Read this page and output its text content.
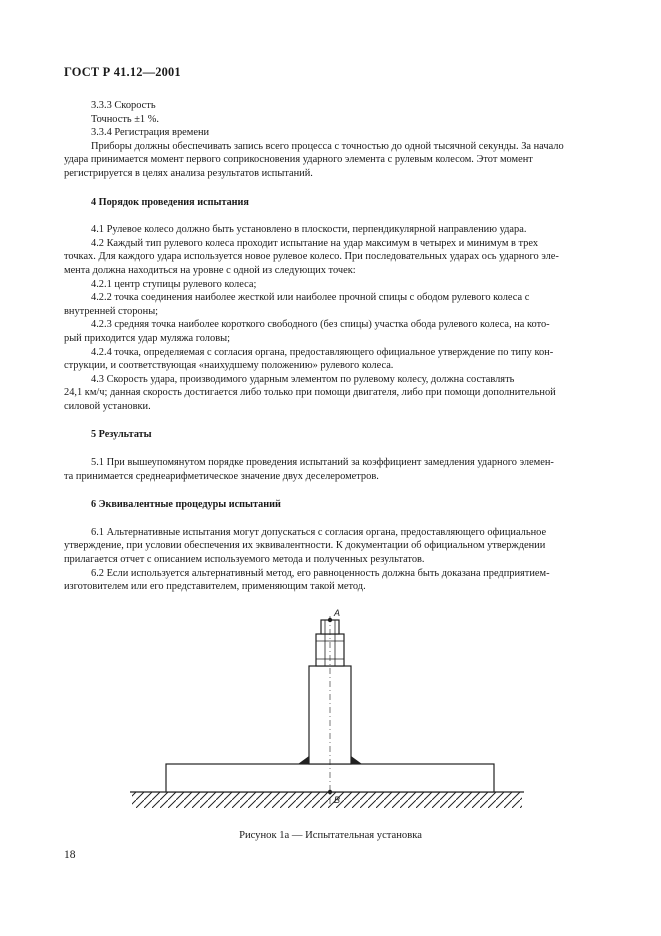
ГОСТ Р 41.12—2001

3.3.3 Скорость

Точность ±1 %.

3.3.4 Регистрация времени

Приборы должны обеспечивать запись всего процесса с точностью до одной тысячной секунды. За начало

удара принимается момент первого соприкосновения ударного элемента с рулевым колесом. Этот момент

регистрируется в целях анализа результатов испытаний.

4 Порядок проведения испытания

4.1 Рулевое колесо должно быть установлено в плоскости, перпендикулярной направлению удара.

4.2 Каждый тип рулевого колеса проходит испытание на удар максимум в четырех и минимум в трех

точках. Для каждого удара используется новое рулевое колесо. При последовательных ударах ось ударного эле-

мента должна находиться на уровне с одной из следующих точек:

4.2.1 центр ступицы рулевого колеса;

4.2.2 точка соединения наиболее жесткой или наиболее прочной спицы с ободом рулевого колеса с

внутренней стороны;

4.2.3 средняя точка наиболее короткого свободного (без спицы) участка обода рулевого колеса, на кото-

рый приходится удар муляжа головы;

4.2.4 точка, определяемая с согласия органа, предоставляющего официальное утверждение по типу кон-

струкции, и соответствующая «наихудшему положению» рулевого колеса.

4.3 Скорость удара, производимого ударным элементом по рулевому колесу, должна составлять

24,1 км/ч; данная скорость достигается либо только при помощи двигателя, либо при помощи дополнительной

силовой установки.

5 Результаты

5.1 При вышеупомянутом порядке проведения испытаний за коэффициент замедления ударного элемен-

та принимается среднеарифметическое значение двух деселерометров.

6 Эквивалентные процедуры испытаний

6.1 Альтернативные испытания могут допускаться с согласия органа, предоставляющего официальное

утверждение, при условии обеспечения их эквивалентности. К документации об официальном утверждении

прилагается отчет с описанием используемого метода и полученных результатов.

6.2 Если используется альтернативный метод, его равноценность должна быть доказана предприятием-

изготовителем или его представителем, применяющим такой метод.

A
B
Рисунок 1а — Испытательная установка
18
